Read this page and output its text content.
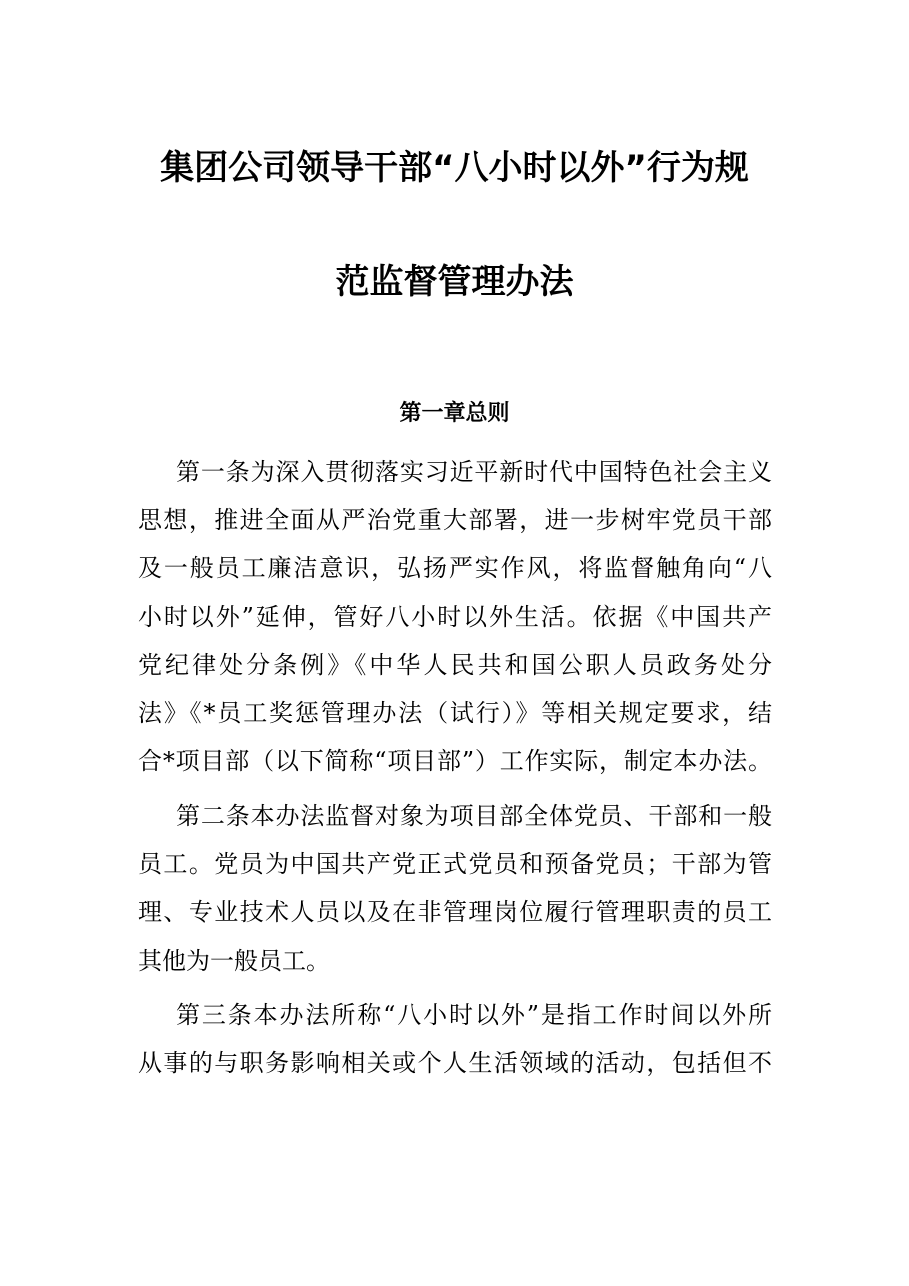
集团公司领导干部“八小时以外”行为规
范监督管理办法
第一章总则
第一条为深入贯彻落实习近平新时代中国特色社会主义
思想，推进全面从严治党重大部署，进一步树牢党员干部
及一般员工廉洁意识，弘扬严实作风，将监督触角向“八
小时以外”延伸，管好八小时以外生活。依据《中国共产
党纪律处分条例》《中华人民共和国公职人员政务处分
法》《*员工奖惩管理办法（试行）》等相关规定要求，结
合*项目部（以下简称“项目部”）工作实际，制定本办法。
第二条本办法监督对象为项目部全体党员、干部和一般
员工。党员为中国共产党正式党员和预备党员；干部为管
理、专业技术人员以及在非管理岗位履行管理职责的员工
其他为一般员工。
第三条本办法所称“八小时以外”是指工作时间以外所
从事的与职务影响相关或个人生活领域的活动，包括但不
